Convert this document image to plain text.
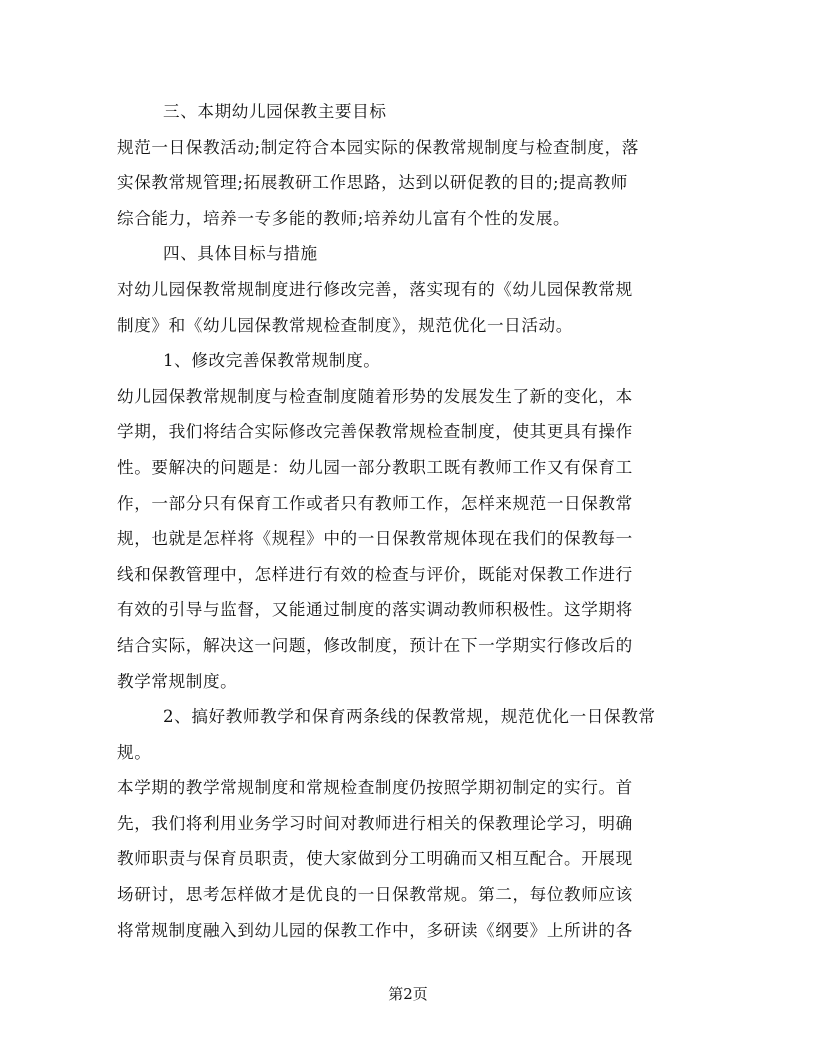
三、本期幼儿园保教主要目标
规范一日保教活动;制定符合本园实际的保教常规制度与检查制度，落
实保教常规管理;拓展教研工作思路，达到以研促教的目的;提高教师
综合能力，培养一专多能的教师;培养幼儿富有个性的发展。
四、具体目标与措施
对幼儿园保教常规制度进行修改完善，落实现有的《幼儿园保教常规
制度》和《幼儿园保教常规检查制度》，规范优化一日活动。
1、修改完善保教常规制度。
幼儿园保教常规制度与检查制度随着形势的发展发生了新的变化，本
学期，我们将结合实际修改完善保教常规检查制度，使其更具有操作
性。要解决的问题是：幼儿园一部分教职工既有教师工作又有保育工
作，一部分只有保育工作或者只有教师工作，怎样来规范一日保教常
规，也就是怎样将《规程》中的一日保教常规体现在我们的保教每一
线和保教管理中，怎样进行有效的检查与评价，既能对保教工作进行
有效的引导与监督，又能通过制度的落实调动教师积极性。这学期将
结合实际，解决这一问题，修改制度，预计在下一学期实行修改后的
教学常规制度。
2、搞好教师教学和保育两条线的保教常规，规范优化一日保教常
规。
本学期的教学常规制度和常规检查制度仍按照学期初制定的实行。首
先，我们将利用业务学习时间对教师进行相关的保教理论学习，明确
教师职责与保育员职责，使大家做到分工明确而又相互配合。开展现
场研讨，思考怎样做才是优良的一日保教常规。第二，每位教师应该
将常规制度融入到幼儿园的保教工作中，多研读《纲要》上所讲的各
第2页
